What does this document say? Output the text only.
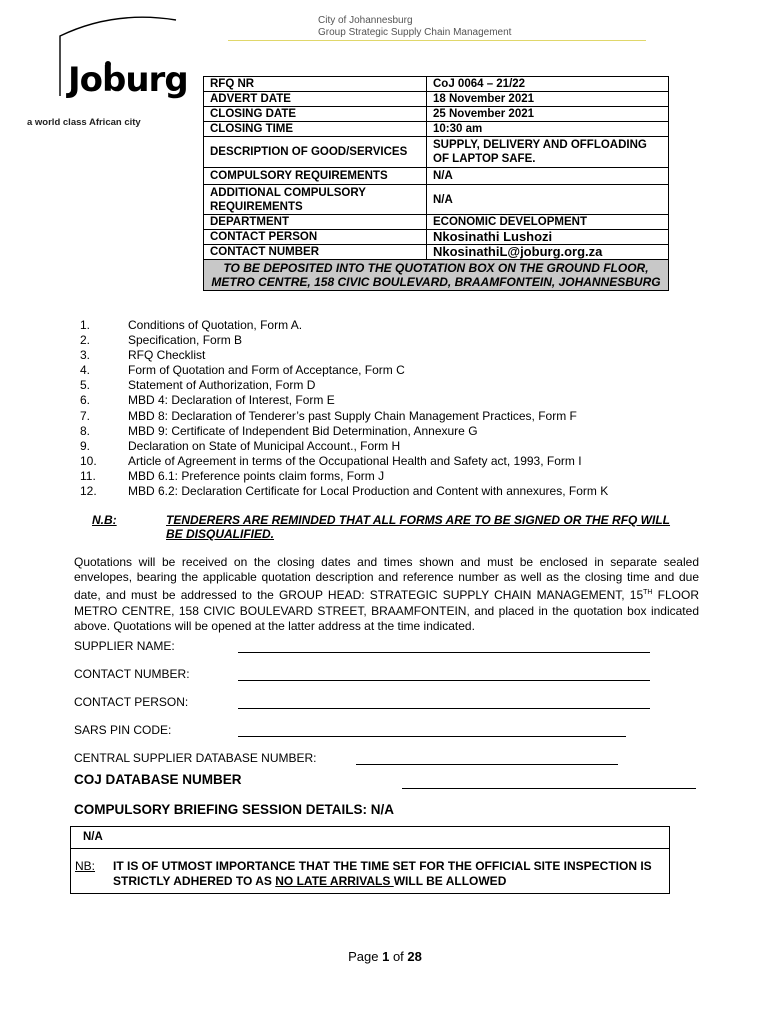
City of Johannesburg
Group Strategic Supply Chain Management
Joburg
a world class African city
RFQ NR	CoJ 0064 – 21/22
ADVERT DATE	18 November 2021
CLOSING DATE	25 November 2021
CLOSING TIME	10:30 am
DESCRIPTION OF GOOD/SERVICES	SUPPLY, DELIVERY AND OFFLOADING OF LAPTOP SAFE.
COMPULSORY REQUIREMENTS	N/A
ADDITIONAL COMPULSORY REQUIREMENTS	N/A
DEPARTMENT	ECONOMIC DEVELOPMENT
CONTACT PERSON	Nkosinathi Lushozi
CONTACT NUMBER	NkosinathiL@joburg.org.za
TO BE DEPOSITED INTO THE QUOTATION BOX ON THE GROUND FLOOR, METRO CENTRE, 158 CIVIC BOULEVARD, BRAAMFONTEIN, JOHANNESBURG	
1.	Conditions of Quotation, Form A.
2.	Specification, Form B
3.	RFQ Checklist
4.	Form of Quotation and Form of Acceptance, Form C
5.	Statement of Authorization, Form D
6.	MBD 4: Declaration of Interest, Form E
7.	MBD 8: Declaration of Tenderer’s past Supply Chain Management Practices, Form F
8.	MBD 9: Certificate of Independent Bid Determination, Annexure G
9.	Declaration on State of Municipal Account., Form H
10.	Article of Agreement in terms of the Occupational Health and Safety act, 1993, Form I
11.	MBD 6.1: Preference points claim forms, Form J
12.	MBD 6.2: Declaration Certificate for Local Production and Content with annexures, Form K
N.B:	TENDERERS ARE REMINDED THAT ALL FORMS ARE TO BE SIGNED OR THE RFQ WILL BE DISQUALIFIED.
Quotations will be received on the closing dates and times shown and must be enclosed in separate sealed envelopes, bearing the applicable quotation description and reference number as well as the closing time and due date, and must be addressed to the GROUP HEAD: STRATEGIC SUPPLY CHAIN MANAGEMENT, 15TH FLOOR METRO CENTRE, 158 CIVIC BOULEVARD STREET, BRAAMFONTEIN, and placed in the quotation box indicated above. Quotations will be opened at the latter address at the time indicated.
SUPPLIER NAME:
CONTACT NUMBER:
CONTACT PERSON:
SARS PIN CODE:
CENTRAL SUPPLIER DATABASE NUMBER:
COJ DATABASE NUMBER
COMPULSORY BRIEFING SESSION DETAILS: N/A
N/A
NB: IT IS OF UTMOST IMPORTANCE THAT THE TIME SET FOR THE OFFICIAL SITE INSPECTION IS STRICTLY ADHERED TO AS NO LATE ARRIVALS WILL BE ALLOWED
Page 1 of 28
